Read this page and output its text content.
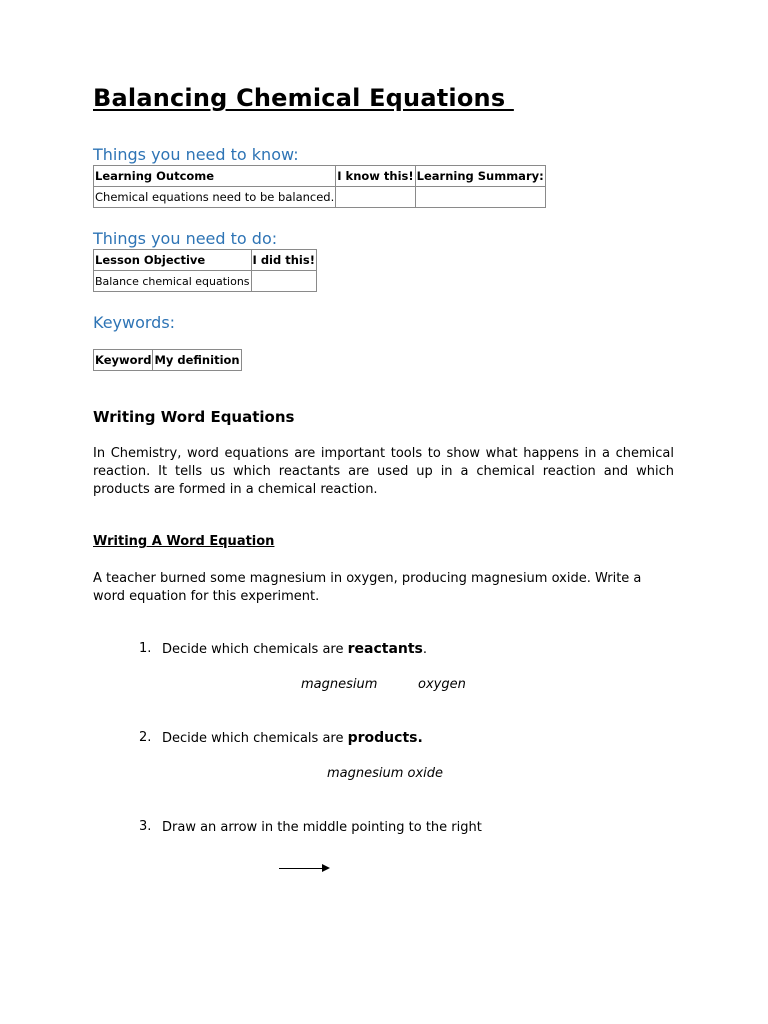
Balancing Chemical Equations
Things you need to know:
Learning Outcome	I know this!	Learning Summary:
Chemical equations need to be balanced.		
Things you need to do:
Lesson Objective	I did this!
Balance chemical equations	
Keywords:
Keyword	My definition
Writing Word Equations
In Chemistry, word equations are important tools to show what happens in a chemical reaction. It tells us which reactants are used up in a chemical reaction and which products are formed in a chemical reaction.
Writing A Word Equation
A teacher burned some magnesium in oxygen, producing magnesium oxide. Write a word equation for this experiment.
1. Decide which chemicals are reactants.
magnesium	oxygen
2. Decide which chemicals are products.
magnesium oxide
3. Draw an arrow in the middle pointing to the right
